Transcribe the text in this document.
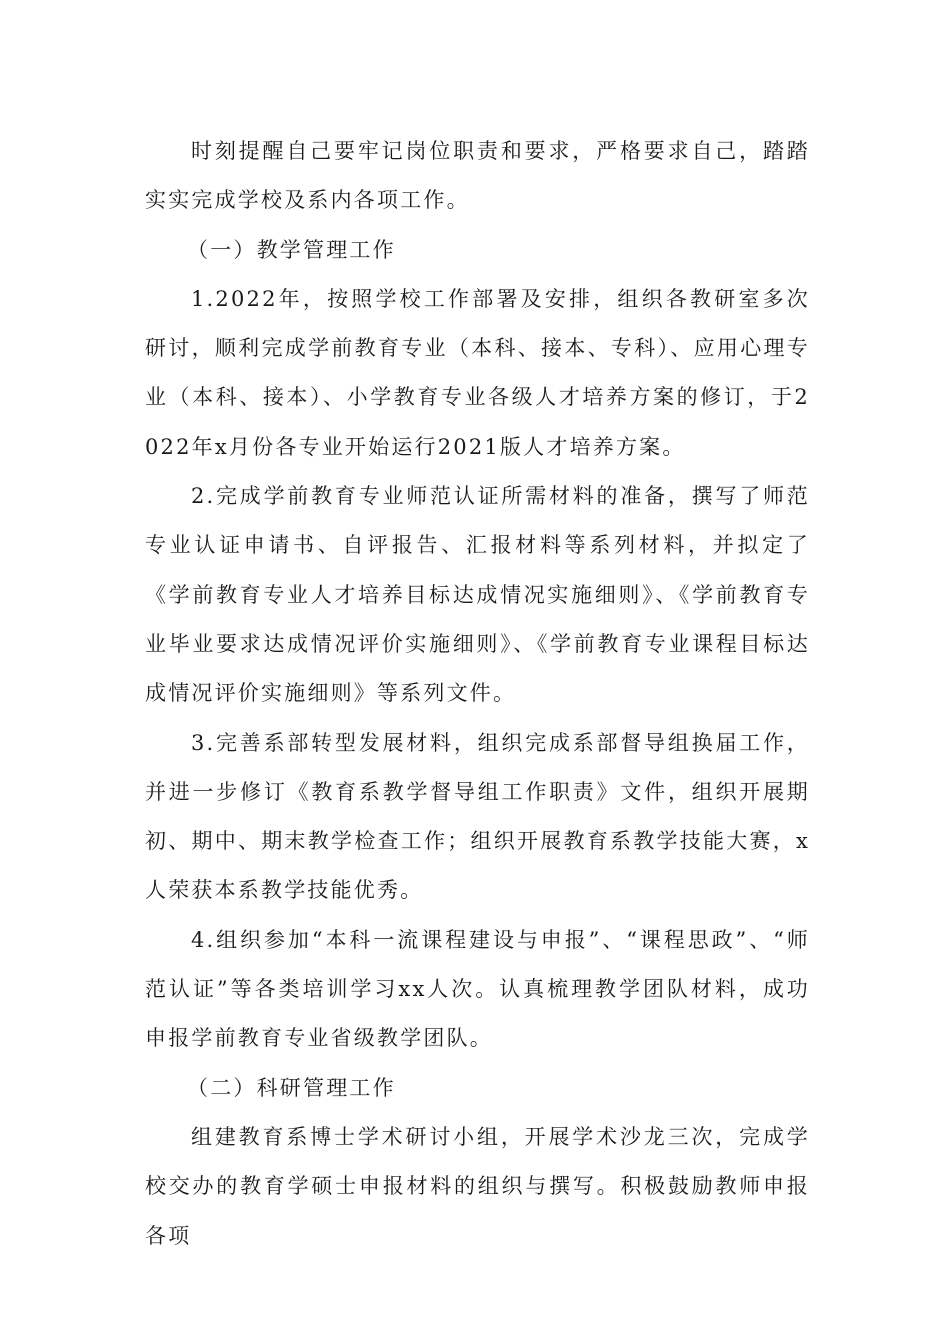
时刻提醒自己要牢记岗位职责和要求，严格要求自己，踏踏实实完成学校及系内各项工作。

（一）教学管理工作

1.2022年，按照学校工作部署及安排，组织各教研室多次研讨，顺利完成学前教育专业（本科、接本、专科）、应用心理专业（本科、接本）、小学教育专业各级人才培养方案的修订，于2022年x月份各专业开始运行2021版人才培养方案。

2.完成学前教育专业师范认证所需材料的准备，撰写了师范专业认证申请书、自评报告、汇报材料等系列材料，并拟定了《学前教育专业人才培养目标达成情况实施细则》、《学前教育专业毕业要求达成情况评价实施细则》、《学前教育专业课程目标达成情况评价实施细则》等系列文件。

3.完善系部转型发展材料，组织完成系部督导组换届工作，并进一步修订《教育系教学督导组工作职责》文件，组织开展期初、期中、期末教学检查工作；组织开展教育系教学技能大赛，x人荣获本系教学技能优秀。

4.组织参加“本科一流课程建设与申报”、“课程思政”、“师范认证”等各类培训学习xx人次。认真梳理教学团队材料，成功申报学前教育专业省级教学团队。

（二）科研管理工作

组建教育系博士学术研讨小组，开展学术沙龙三次，完成学校交办的教育学硕士申报材料的组织与撰写。积极鼓励教师申报各项
